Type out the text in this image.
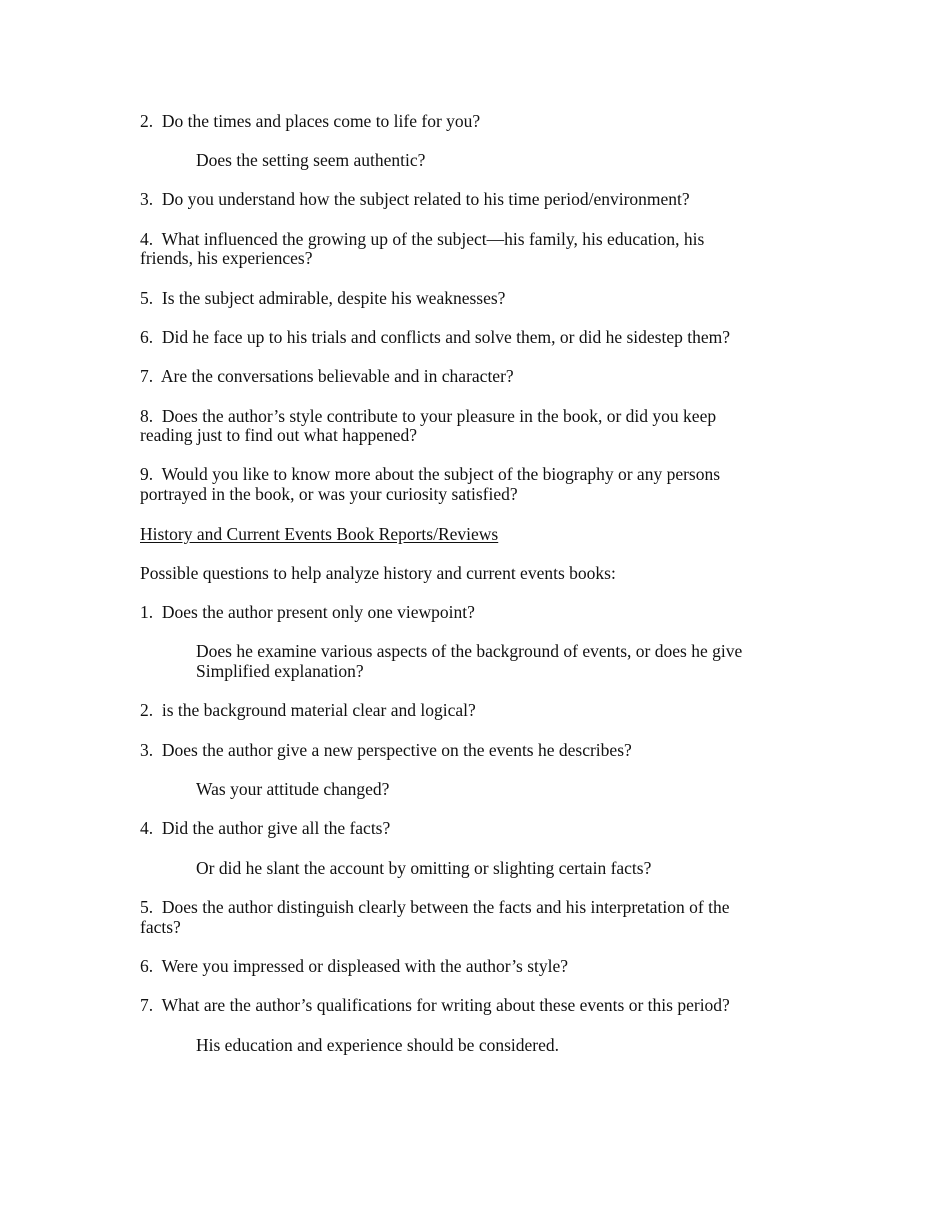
2. Do the times and places come to life for you?
Does the setting seem authentic?
3. Do you understand how the subject related to his time period/environment?
4. What influenced the growing up of the subject—his family, his education, his
friends, his experiences?
5. Is the subject admirable, despite his weaknesses?
6. Did he face up to his trials and conflicts and solve them, or did he sidestep them?
7. Are the conversations believable and in character?
8. Does the author’s style contribute to your pleasure in the book, or did you keep
reading just to find out what happened?
9. Would you like to know more about the subject of the biography or any persons
portrayed in the book, or was your curiosity satisfied?
History and Current Events Book Reports/Reviews
Possible questions to help analyze history and current events books:
1. Does the author present only one viewpoint?
Does he examine various aspects of the background of events, or does he give
Simplified explanation?
2. is the background material clear and logical?
3. Does the author give a new perspective on the events he describes?
Was your attitude changed?
4. Did the author give all the facts?
Or did he slant the account by omitting or slighting certain facts?
5. Does the author distinguish clearly between the facts and his interpretation of the
facts?
6. Were you impressed or displeased with the author’s style?
7. What are the author’s qualifications for writing about these events or this period?
His education and experience should be considered.
